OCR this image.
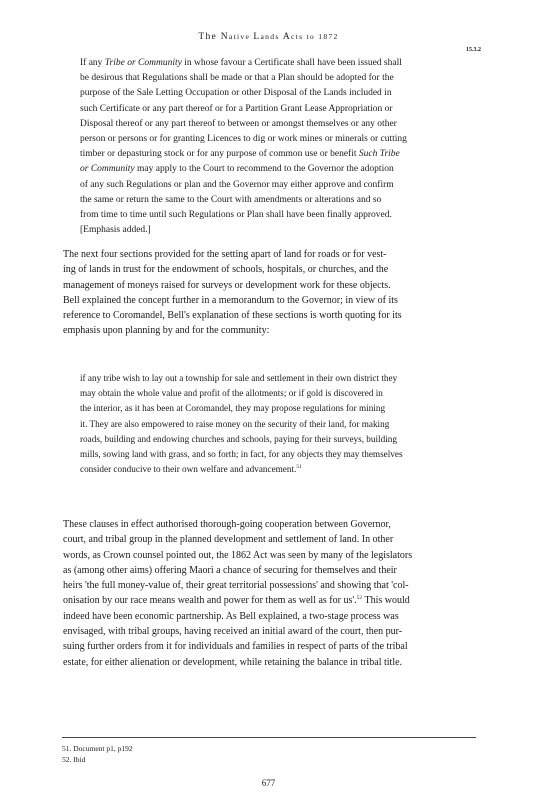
The Native Lands Acts to 1872
15.3.2
If any Tribe or Community in whose favour a Certificate shall have been issued shall
be desirous that Regulations shall be made or that a Plan should be adopted for the
purpose of the Sale Letting Occupation or other Disposal of the Lands included in
such Certificate or any part thereof or for a Partition Grant Lease Appropriation or
Disposal thereof or any part thereof to between or amongst themselves or any other
person or persons or for granting Licences to dig or work mines or minerals or cutting
timber or depasturing stock or for any purpose of common use or benefit Such Tribe
or Community may apply to the Court to recommend to the Governor the adoption
of any such Regulations or plan and the Governor may either approve and confirm
the same or return the same to the Court with amendments or alterations and so
from time to time until such Regulations or Plan shall have been finally approved.
[Emphasis added.]
The next four sections provided for the setting apart of land for roads or for vest-
ing of lands in trust for the endowment of schools, hospitals, or churches, and the
management of moneys raised for surveys or development work for these objects.
Bell explained the concept further in a memorandum to the Governor; in view of its
reference to Coromandel, Bell's explanation of these sections is worth quoting for its
emphasis upon planning by and for the community:
if any tribe wish to lay out a township for sale and settlement in their own district they
may obtain the whole value and profit of the allotments; or if gold is discovered in
the interior, as it has been at Coromandel, they may propose regulations for mining
it. They are also empowered to raise money on the security of their land, for making
roads, building and endowing churches and schools, paying for their surveys, building
mills, sowing land with grass, and so forth; in fact, for any objects they may themselves
consider conducive to their own welfare and advancement.$^{51}$
These clauses in effect authorised thorough-going cooperation between Governor,
court, and tribal group in the planned development and settlement of land. In other
words, as Crown counsel pointed out, the 1862 Act was seen by many of the legislators
as (among other aims) offering Maori a chance of securing for themselves and their
heirs 'the full money-value of, their great territorial possessions' and showing that 'col-
onisation by our race means wealth and power for them as well as for us'.$^{52}$ This would
indeed have been economic partnership. As Bell explained, a two-stage process was
envisaged, with tribal groups, having received an initial award of the court, then pur-
suing further orders from it for individuals and families in respect of parts of the tribal
estate, for either alienation or development, while retaining the balance in tribal title.
51. Document p1, p192
52. Ibid
677
